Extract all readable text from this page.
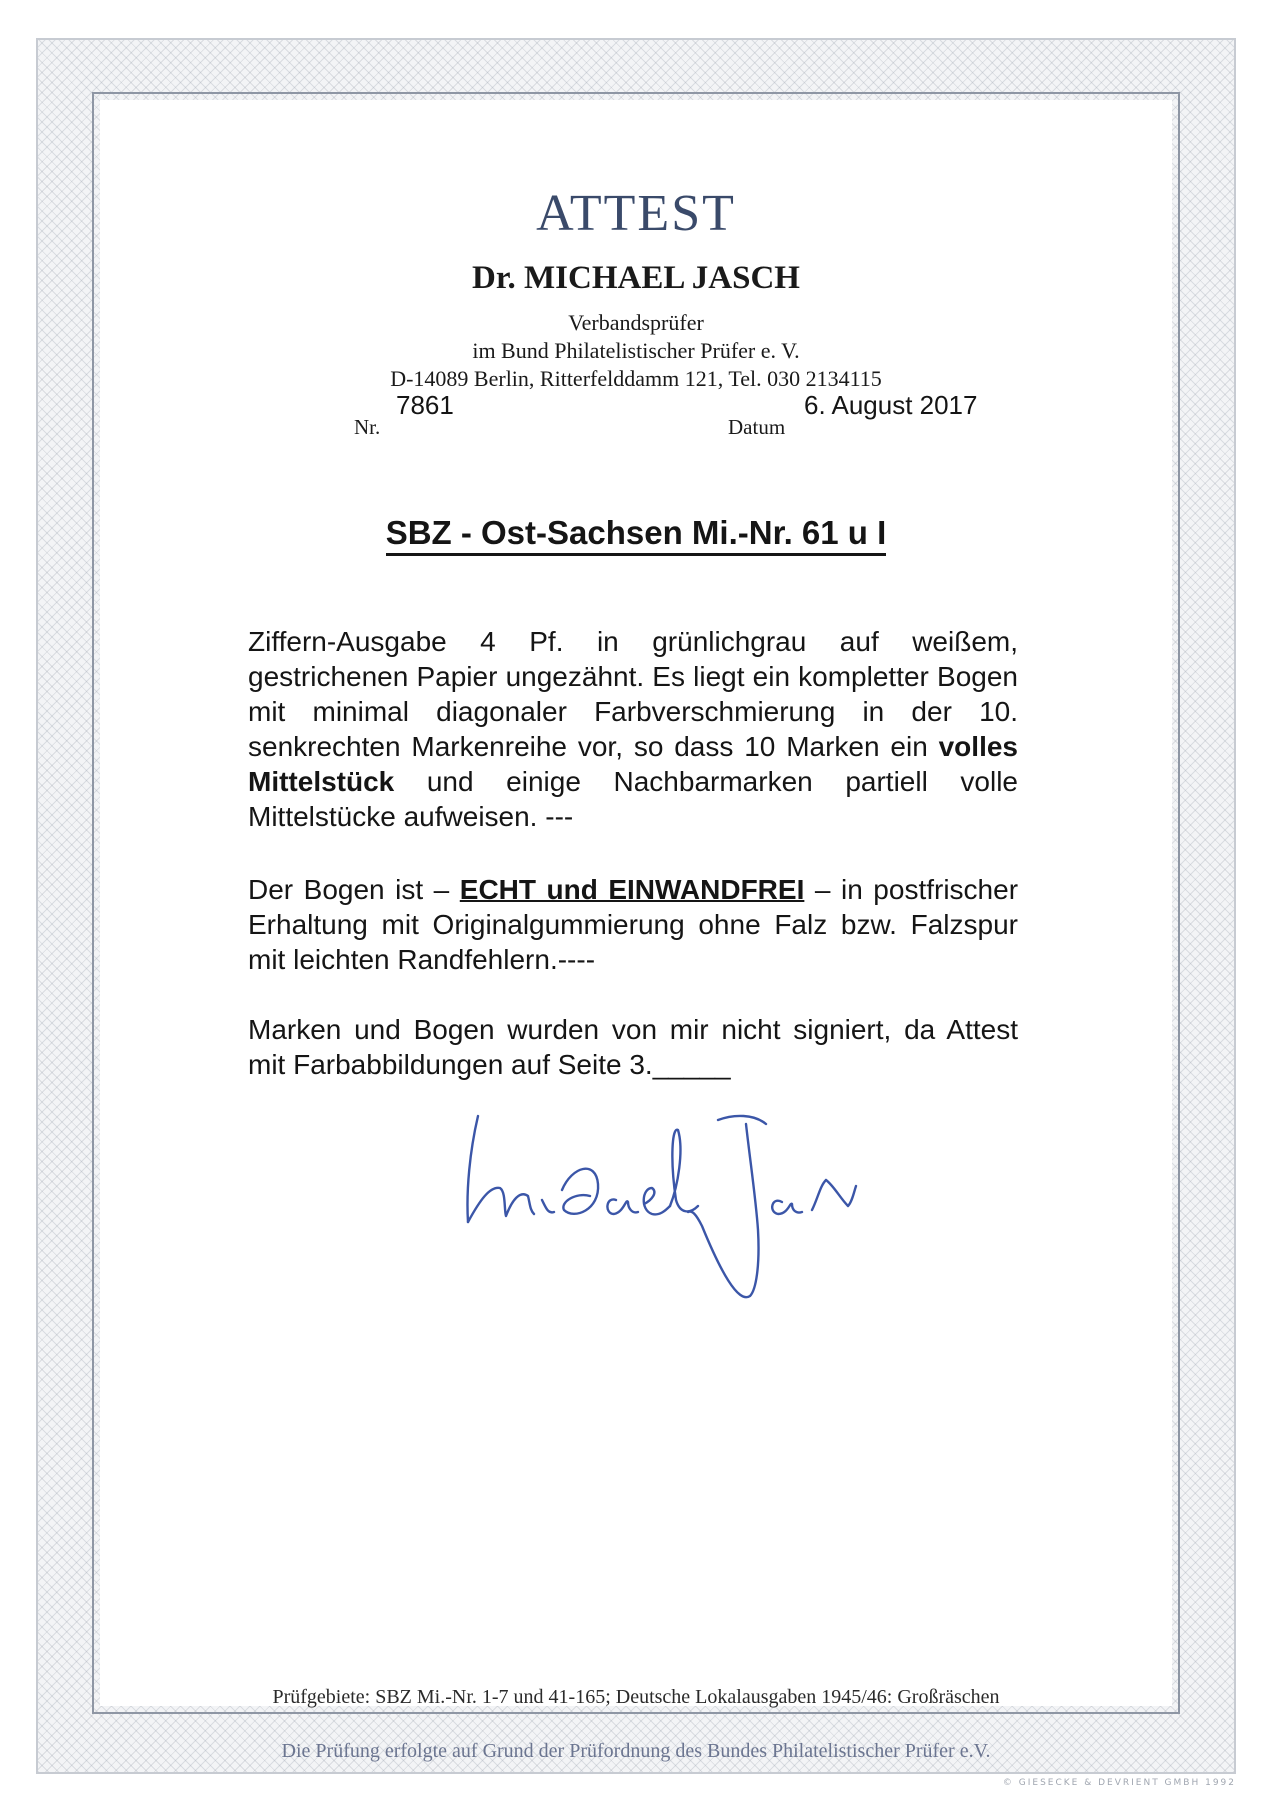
ATTEST
Dr. MICHAEL JASCH
Verbandsprüfer
im Bund Philatelistischer Prüfer e. V.
D-14089 Berlin, Ritterfelddamm 121, Tel. 030 2134115
Nr.
7861
Datum
6. August 2017
SBZ - Ost-Sachsen Mi.-Nr. 61 u I

Ziffern-Ausgabe 4 Pf. in grünlichgrau auf weißem, gestrichenen Papier ungezähnt. Es liegt ein kompletter Bogen mit minimal diagonaler Farbverschmierung in der 10. senkrechten Markenreihe vor, so dass 10 Marken ein volles Mittelstück und einige Nachbarmarken partiell volle Mittelstücke aufweisen. ---

Der Bogen ist – ECHT und EINWANDFREI – in postfrischer Erhaltung mit Originalgummierung ohne Falz bzw. Falzspur mit leichten Randfehlern.----

Marken und Bogen wurden von mir nicht signiert, da Attest mit Farbabbildungen auf Seite 3._____

Prüfgebiete: SBZ Mi.-Nr. 1-7 und 41-165; Deutsche Lokalausgaben 1945/46: Großräschen
Die Prüfung erfolgte auf Grund der Prüfordnung des Bundes Philatelistischer Prüfer e.V.
© GIESECKE & DEVRIENT GMBH 1992
